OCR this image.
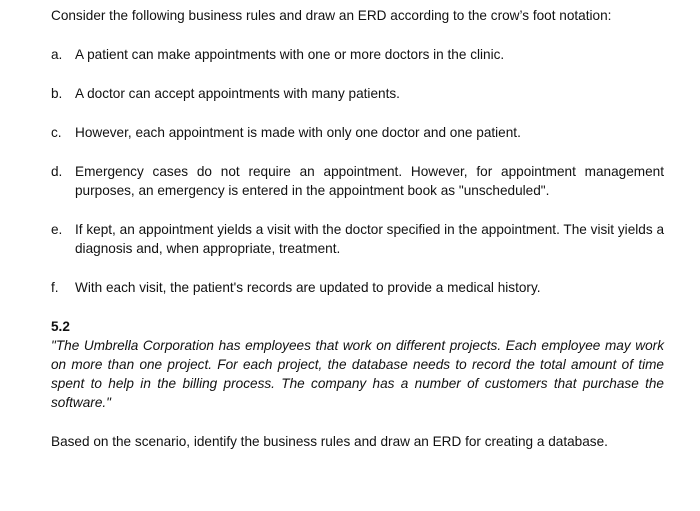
Consider the following business rules and draw an ERD according to the crow’s foot notation:

a. A patient can make appointments with one or more doctors in the clinic.
b. A doctor can accept appointments with many patients.
c. However, each appointment is made with only one doctor and one patient.
d. Emergency cases do not require an appointment. However, for appointment management purposes, an emergency is entered in the appointment book as "unscheduled".
e. If kept, an appointment yields a visit with the doctor specified in the appointment. The visit yields a diagnosis and, when appropriate, treatment.
f.	With each visit, the patient's records are updated to provide a medical history.

5.2

"The Umbrella Corporation has employees that work on different projects. Each employee may work on more than one project. For each project, the database needs to record the total amount of time spent to help in the billing process. The company has a number of customers that purchase the software."

Based on the scenario, identify the business rules and draw an ERD for creating a database.
